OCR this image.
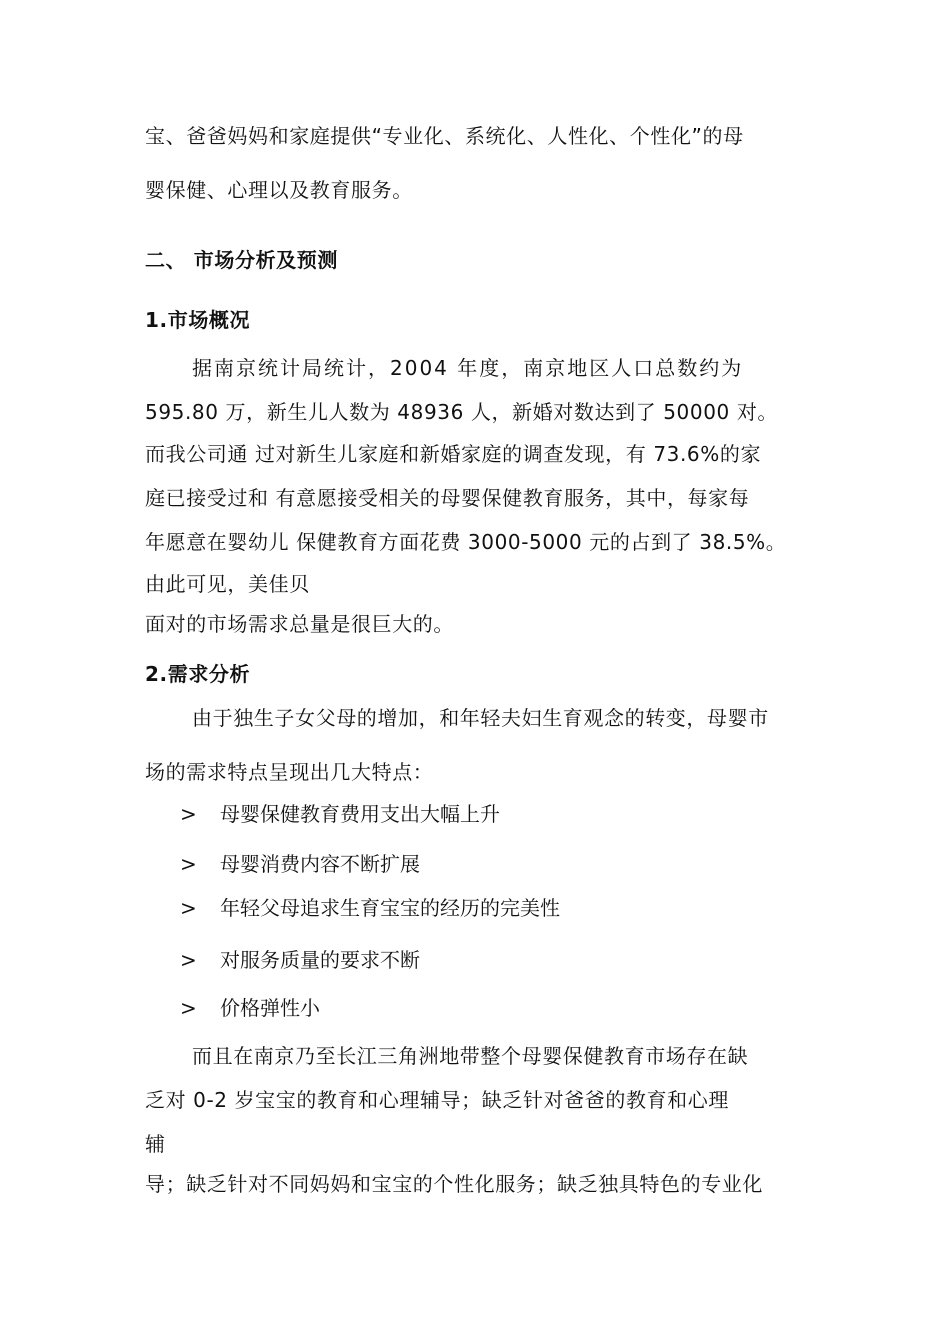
宝、爸爸妈妈和家庭提供“专业化、系统化、人性化、个性化”的母
婴保健、心理以及教育服务。
二、 市场分析及预测
1.市场概况
据南京统计局统计，2004 年度，南京地区人口总数约为
595.80 万，新生儿人数为 48936 人，新婚对数达到了 50000 对。
而我公司通 过对新生儿家庭和新婚家庭的调查发现，有 73.6%的家
庭已接受过和 有意愿接受相关的母婴保健教育服务，其中，每家每
年愿意在婴幼儿 保健教育方面花费 3000-5000 元的占到了 38.5%。
由此可见，美佳贝
面对的市场需求总量是很巨大的。
2.需求分析
由于独生子女父母的增加，和年轻夫妇生育观念的转变，母婴市
场的需求特点呈现出几大特点：
> 母婴保健教育费用支出大幅上升
> 母婴消费内容不断扩展
> 年轻父母追求生育宝宝的经历的完美性
> 对服务质量的要求不断
> 价格弹性小
而且在南京乃至长江三角洲地带整个母婴保健教育市场存在缺
乏对 0-2 岁宝宝的教育和心理辅导；缺乏针对爸爸的教育和心理
辅
导；缺乏针对不同妈妈和宝宝的个性化服务；缺乏独具特色的专业化
